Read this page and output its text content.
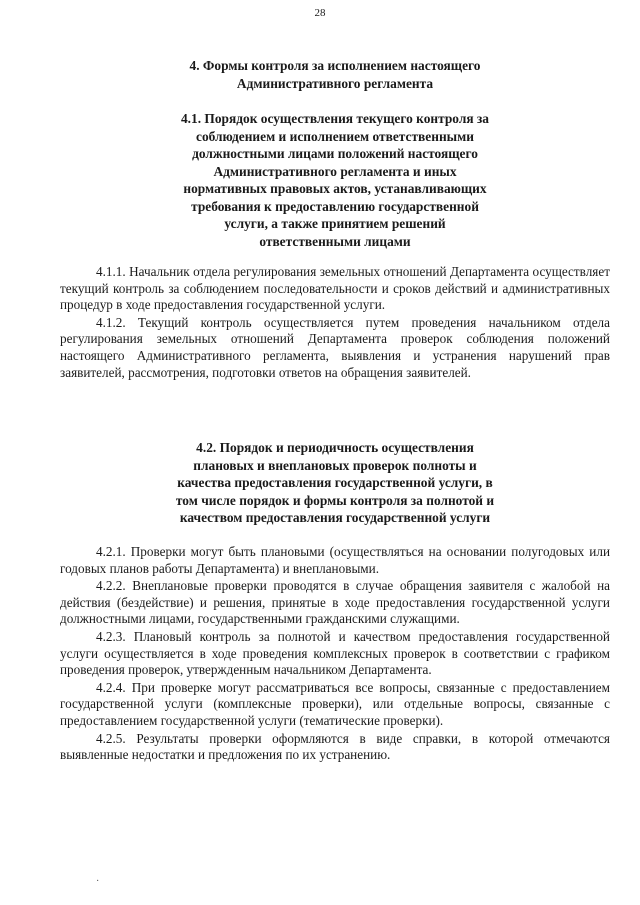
28
4. Формы контроля за исполнением настоящего
Административного регламента
4.1. Порядок осуществления текущего контроля за
соблюдением и исполнением ответственными
должностными лицами положений настоящего
Административного регламента и иных
нормативных правовых актов, устанавливающих
требования к предоставлению государственной
услуги, а также принятием решений
ответственными лицами

4.1.1. Начальник отдела регулирования земельных отношений Департамента осуществляет текущий контроль за соблюдением последовательности и сроков действий и административных процедур в ходе предоставления государственной услуги.

4.1.2. Текущий контроль осуществляется путем проведения начальником отдела регулирования земельных отношений Департамента проверок соблюдения положений настоящего Административного регламента, выявления и устранения нарушений прав заявителей, рассмотрения, подготовки ответов на обращения заявителей.

4.2. Порядок и периодичность осуществления
плановых и внеплановых проверок полноты и
качества предоставления государственной услуги, в
том числе порядок и формы контроля за полнотой и
качеством предоставления государственной услуги

4.2.1. Проверки могут быть плановыми (осуществляться на основании полугодовых или годовых планов работы Департамента) и внеплановыми.

4.2.2. Внеплановые проверки проводятся в случае обращения заявителя с жалобой на действия (бездействие) и решения, принятые в ходе предоставления государственной услуги должностными лицами, государственными гражданскими служащими.

4.2.3. Плановый контроль за полнотой и качеством предоставления государственной услуги осуществляется в ходе проведения комплексных проверок в соответствии с графиком проведения проверок, утвержденным начальником Департамента.

4.2.4. При проверке могут рассматриваться все вопросы, связанные с предоставлением государственной услуги (комплексные проверки), или отдельные вопросы, связанные с предоставлением государственной услуги (тематические проверки).

4.2.5. Результаты проверки оформляются в виде справки, в которой отмечаются выявленные недостатки и предложения по их устранению.

·
